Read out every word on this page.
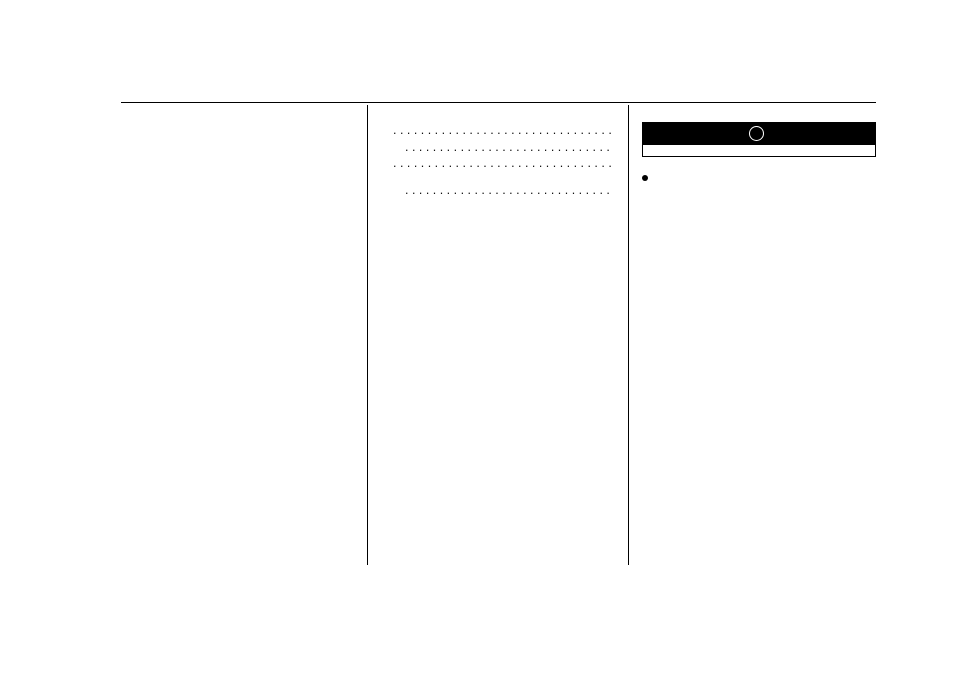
. . .
. . .
. . .
. . .
